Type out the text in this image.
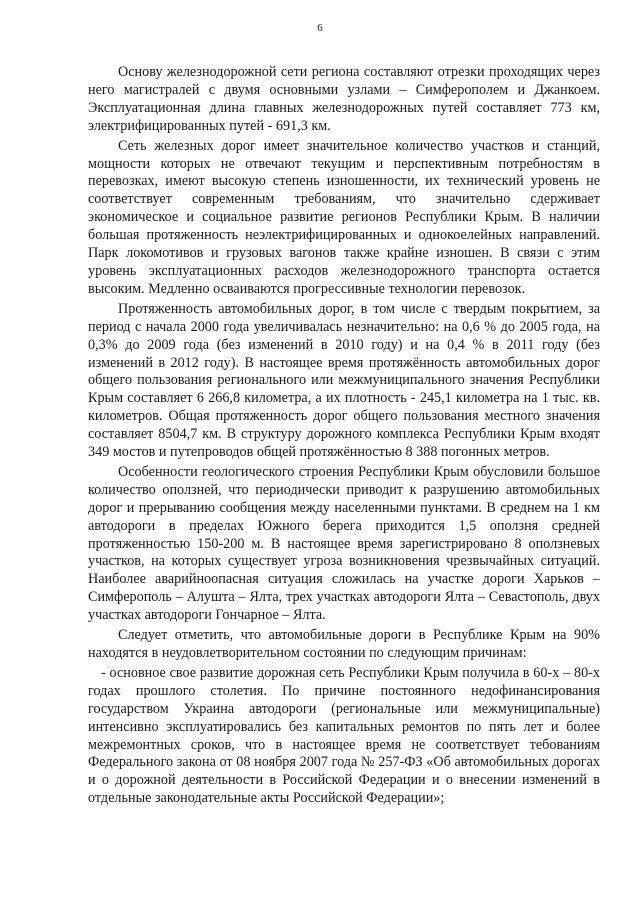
6

Основу железнодорожной сети региона составляют отрезки проходящих через него магистралей с двумя основными узлами – Симферополем и Джанкоем. Эксплуатационная длина главных железнодорожных путей составляет 773 км, электрифицированных путей - 691,3 км.

Сеть железных дорог имеет значительное количество участков и станций, мощности которых не отвечают текущим и перспективным потребностям в перевозках, имеют высокую степень изношенности, их технический уровень не соответствует современным требованиям, что значительно сдерживает экономическое и социальное развитие регионов Республики Крым. В наличии большая протяженность неэлектрифицированных и однокоелейных направлений. Парк локомотивов и грузовых вагонов также крайне изношен. В связи с этим уровень эксплуатационных расходов железнодорожного транспорта остается высоким. Медленно осваиваются прогрессивные технологии перевозок.

Протяженность автомобильных дорог, в том числе с твердым покрытием, за период с начала 2000 года увеличивалась незначительно: на 0,6 % до 2005 года, на 0,3% до 2009 года (без изменений в 2010 году) и на 0,4 % в 2011 году (без изменений в 2012 году). В настоящее время протяжённость автомобильных дорог общего пользования регионального или межмуниципального значения Республики Крым составляет 6 266,8 километра, а их плотность - 245,1 километра на 1 тыс. кв. километров. Общая протяженность дорог общего пользования местного значения составляет 8504,7 км. В структуру дорожного комплекса Республики Крым входят 349 мостов и путепроводов общей протяжённостью 8 388 погонных метров.

Особенности геологического строения Республики Крым обусловили большое количество оползней, что периодически приводит к разрушению автомобильных дорог и прерыванию сообщения между населенными пунктами. В среднем на 1 км автодороги в пределах Южного берега приходится 1,5 оползня средней протяженностью 150-200 м. В настоящее время зарегистрировано 8 оползневых участков, на которых существует угроза возникновения чрезвычайных ситуаций. Наиболее аварийноопасная ситуация сложилась на участке дороги Харьков – Симферополь – Алушта – Ялта, трех участках автодороги Ялта – Севастополь, двух участках автодороги Гончарное – Ялта.

Следует отметить, что автомобильные дороги в Республике Крым на 90% находятся в неудовлетворительном состоянии по следующим причинам:

- основное свое развитие дорожная сеть Республики Крым получила в 60-х – 80-х годах прошлого столетия. По причине постоянного недофинансирования государством Украина автодороги (региональные или межмуниципальные) интенсивно эксплуатировались без капитальных ремонтов по пять лет и более межремонтных сроков, что в настоящее время не соответствует тебованиям Федерального закона от 08 ноября 2007 года № 257-ФЗ «Об автомобильных дорогах и о дорожной деятельности в Российской Федерации и о внесении изменений в отдельные законодательные акты Российской Федерации»;
